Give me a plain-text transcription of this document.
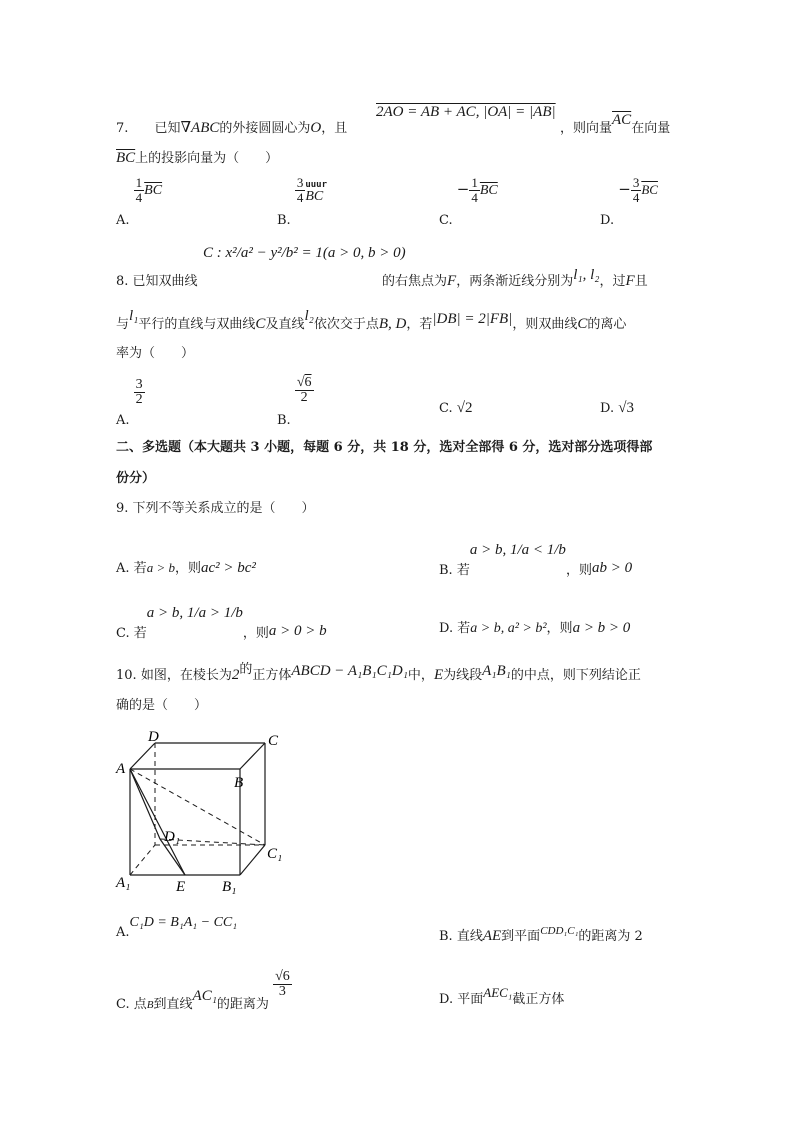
7. 已知∇ABC的外接圆圆心为O，且
2AO = AB + AC, |OA| = |AB|
，则向量$\overline{AC}$在向量
$\overline{BC}$上的投影向量为（　　）
A.
$\frac{1}{4} \overline{BC}$
B.
$\frac{3}{4}$ uuur
BC
C. − $\frac{1}{4} \overline{BC}$
D. − $\frac{3}{4} \overline{BC}$
C : x²/a² − y²/b² = 1(a > 0, b > 0)
8. 已知双曲线	的右焦点为F，两条渐近线分别为l₁, l₂，过F且
与l₁平行的直线与双曲线C及直线l₂依次交于点B, D，若|DB| = 2|FB|，则双曲线C的离心
率为（　　）
A.
$\frac{3}{2}$
B.
$\frac{√6}{2}$
C. √2	D. √3
二、多选题（本大题共 3 小题，每题 6 分，共 18 分，选对全部得 6 分，选对部分选项得部
份分）
9. 下列不等关系成立的是（　　）
A. 若a > b，则ac² > bc²	B. 若a > b, 1/a < 1/b，则ab > 0
C. 若a > b, 1/a > 1/b，则a > 0 > b	D. 若a > b, a² > b²，则a > b > 0
10. 如图，在棱长为2的正方体ABCD − A₁B₁C₁D₁中，E为线段A₁B₁的中点，则下列结论正
确的是（　　）
D	C
A
B
D₁
C₁
A₁	E B₁
A.C₁D = B₁A₁ − CC₁
B. 直线AE到平面$^{CDD_1C_1}$的距离为 2
C. 点$_B$到直线AC₁的距离为
$\frac{√6}{3}$
D. 平面AEC₁截正方体
